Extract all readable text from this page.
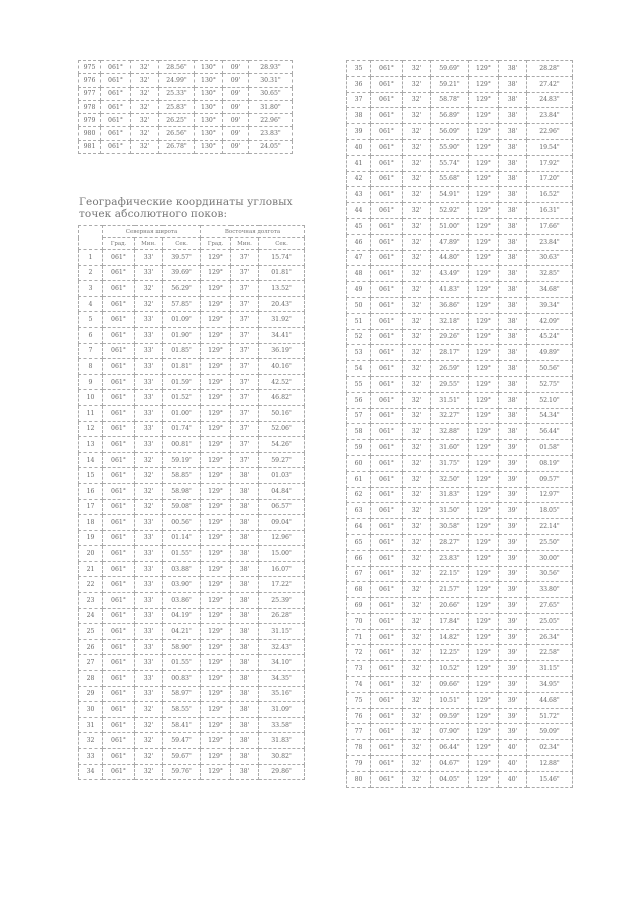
975	061°	32'	28.56"	130°	09'	28.93"
976	061°	32'	24.99"	130°	09'	30.31"
977	061°	32'	25.33"	130°	09'	30.65"
978	061°	32'	25.83"	130°	09'	31.80"
979	061°	32'	26.25"	130°	09'	22.96"
980	061°	32'	26.56"	130°	09'	23.83"
981	061°	32'	26.78"	130°	09'	24.05"
Географические координаты угловых
точек абсолютного поков:
	Северная широта			Восточная долгота		
	Град.	Мин.	Сек.	Град.	Мин.	Сек.
1	061°	33'	39.57"	129°	37'	15.74"
2	061°	33'	39.69"	129°	37'	01.81"
3	061°	32'	56.29"	129°	37'	13.52"
4	061°	32'	57.85"	129°	37'	20.43"
5	061°	33'	01.09"	129°	37'	31.92"
6	061°	33'	01.90"	129°	37'	34.41"
7	061°	33'	01.85"	129°	37'	36.19"
8	061°	33'	01.81"	129°	37'	40.16"
9	061°	33'	01.59"	129°	37'	42.52"
10	061°	33'	01.52"	129°	37'	46.82"
11	061°	33'	01.00"	129°	37'	50.16"
12	061°	33'	01.74"	129°	37'	52.06"
13	061°	33'	00.81"	129°	37'	54.26"
14	061°	32'	59.19"	129°	37'	59.27"
15	061°	32'	58.85"	129°	38'	01.03"
16	061°	32'	58.98"	129°	38'	04.84"
17	061°	32'	59.08"	129°	38'	06.57"
18	061°	33'	00.56"	129°	38'	09.04"
19	061°	33'	01.14"	129°	38'	12.96"
20	061°	33'	01.55"	129°	38'	15.00"
21	061°	33'	03.88"	129°	38'	16.07"
22	061°	33'	03.90"	129°	38'	17.22"
23	061°	33'	03.86"	129°	38'	25.39"
24	061°	33'	04.19"	129°	38'	26.28"
25	061°	33'	04.21"	129°	38'	31.15"
26	061°	33'	58.90"	129°	38'	32.43"
27	061°	33'	01.55"	129°	38'	34.10"
28	061°	33'	00.83"	129°	38'	34.35"
29	061°	33'	58.97"	129°	38'	35.16"
30	061°	32'	58.55"	129°	38'	31.09"
31	061°	32'	58.41"	129°	38'	33.58"
32	061°	32'	59.47"	129°	38'	31.83"
33	061°	32'	59.67"	129°	38'	30.82"
34	061°	32'	59.76"	129°	38'	29.86"
35	061°	32'	59.69"	129°	38'	28.28"
36	061°	32'	59.21"	129°	38'	27.42"
37	061°	32'	58.78"	129°	38'	24.83"
38	061°	32'	56.89"	129°	38'	23.84"
39	061°	32'	56.09"	129°	38'	22.96"
40	061°	32'	55.90"	129°	38'	19.54"
41	061°	32'	55.74"	129°	38'	17.92"
42	061°	32'	55.68"	129°	38'	17.20"
43	061°	32'	54.91"	129°	38'	16.52"
44	061°	32'	52.92"	129°	38'	16.31"
45	061°	32'	51.00"	129°	38'	17.66"
46	061°	32'	47.89"	129°	38'	23.84"
47	061°	32'	44.80"	129°	38'	30.63"
48	061°	32'	43.49"	129°	38'	32.85"
49	061°	32'	41.83"	129°	38'	34.68"
50	061°	32'	36.86"	129°	38'	39.34"
51	061°	32'	32.18"	129°	38'	42.09"
52	061°	32'	29.26"	129°	38'	45.24"
53	061°	32'	28.17"	129°	38'	49.89"
54	061°	32'	26.59"	129°	38'	50.56"
55	061°	32'	29.55"	129°	38'	52.75"
56	061°	32'	31.51"	129°	38'	52.10"
57	061°	32'	32.27"	129°	38'	54.34"
58	061°	32'	32.88"	129°	38'	56.44"
59	061°	32'	31.60"	129°	39'	01.58"
60	061°	32'	31.75"	129°	39'	08.19"
61	061°	32'	32.50"	129°	39'	09.57"
62	061°	32'	31.83"	129°	39'	12.97"
63	061°	32'	31.50"	129°	39'	18.05"
64	061°	32'	30.58"	129°	39'	22.14"
65	061°	32'	28.27"	129°	39'	25.50"
66	061°	32'	23.83"	129°	39'	30.00"
67	061°	32'	22.15"	129°	39'	30.56"
68	061°	32'	21.57"	129°	39'	33.80"
69	061°	32'	20.66"	129°	39'	27.65"
70	061°	32'	17.84"	129°	39'	25.05"
71	061°	32'	14.82"	129°	39'	26.34"
72	061°	32'	12.25"	129°	39'	22.58"
73	061°	32'	10.52"	129°	39'	31.15"
74	061°	32'	09.66"	129°	39'	34.95"
75	061°	32'	10.51"	129°	39'	44.68"
76	061°	32'	09.59"	129°	39'	51.72"
77	061°	32'	07.90"	129°	39'	59.09"
78	061°	32'	06.44"	129°	40'	02.34"
79	061°	32'	04.67"	129°	40'	12.88"
80	061°	32'	04.05"	129°	40'	15.46"
